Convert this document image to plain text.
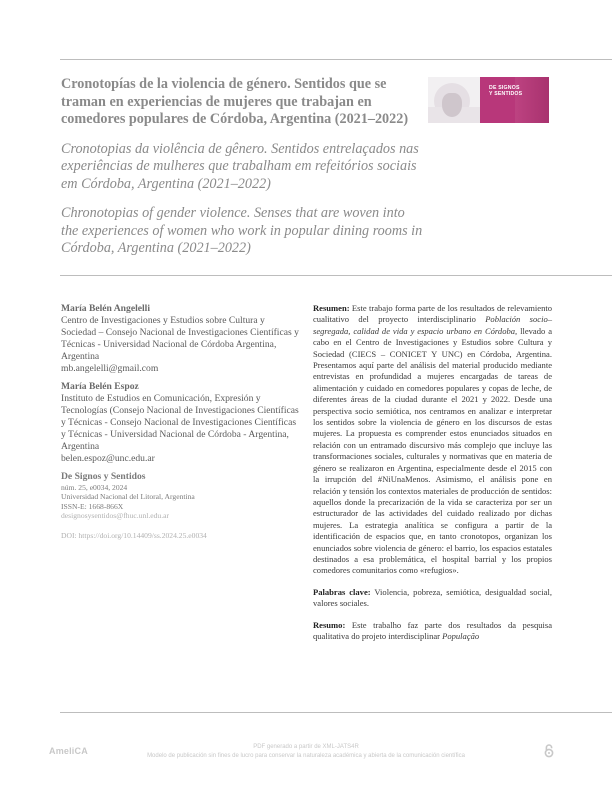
Cronotopías de la violencia de género. Sentidos que se traman en experiencias de mujeres que trabajan en comedores populares de Córdoba, Argentina (2021–2022)

Cronotopias da violência de gênero. Sentidos entrelaçados nas experiências de mulheres que trabalham em refeitórios sociais em Córdoba, Argentina (2021–2022)

Chronotopias of gender violence. Senses that are woven into the experiences of women who work in popular dining rooms in Córdoba, Argentina (2021–2022)

DE SIGNOS
Y SENTIDOS

María Belén Angelelli

Centro de Investigaciones y Estudios sobre Cultura y Sociedad – Consejo Nacional de Investigaciones Científicas y Técnicas - Universidad Nacional de Córdoba Argentina, Argentina

mb.angelelli@gmail.com

María Belén Espoz

Instituto de Estudios en Comunicación, Expresión y Tecnologías (Consejo Nacional de Investigaciones Científicas y Técnicas - Consejo Nacional de Investigaciones Científicas y Técnicas - Universidad Nacional de Córdoba - Argentina, Argentina

belen.espoz@unc.edu.ar

De Signos y Sentidos

núm. 25, e0034, 2024

Universidad Nacional del Litoral, Argentina

ISSN-E: 1668-866X

designosysentidos@fhuc.unl.edu.ar

DOI: https://doi.org/10.14409/ss.2024.25.e0034

Resumen: Este trabajo forma parte de los resultados de relevamiento cualitativo del proyecto interdisciplinario Población socio–segregada, calidad de vida y espacio urbano en Córdoba, llevado a cabo en el Centro de Investigaciones y Estudios sobre Cultura y Sociedad (CIECS – CONICET Y UNC) en Córdoba, Argentina. Presentamos aquí parte del análisis del material producido mediante entrevistas en profundidad a mujeres encargadas de tareas de alimentación y cuidado en comedores populares y copas de leche, de diferentes áreas de la ciudad durante el 2021 y 2022. Desde una perspectiva socio semiótica, nos centramos en analizar e interpretar los sentidos sobre la violencia de género en los discursos de estas mujeres. La propuesta es comprender estos enunciados situados en relación con un entramado discursivo más complejo que incluye las transformaciones sociales, culturales y normativas que en materia de género se realizaron en Argentina, especialmente desde el 2015 con la irrupción del #NiUnaMenos. Asimismo, el análisis pone en relación y tensión los contextos materiales de producción de sentidos: aquellos donde la precarización de la vida se caracteriza por ser un estructurador de las actividades del cuidado realizado por dichas mujeres. La estrategia analítica se configura a partir de la identificación de espacios que, en tanto cronotopos, organizan los enunciados sobre violencia de género: el barrio, los espacios estatales destinados a esa problemática, el hospital barrial y los propios comedores comunitarios como «refugios».

Palabras clave: Violencia, pobreza, semiótica, desigualdad social, valores sociales.

Resumo: Este trabalho faz parte dos resultados da pesquisa qualitativa do projeto interdisciplinar População

AmeliCA	PDF generado a partir de XML-JATS4R
Modelo de publicación sin fines de lucro para conservar la naturaleza académica y abierta de la comunicación científica
